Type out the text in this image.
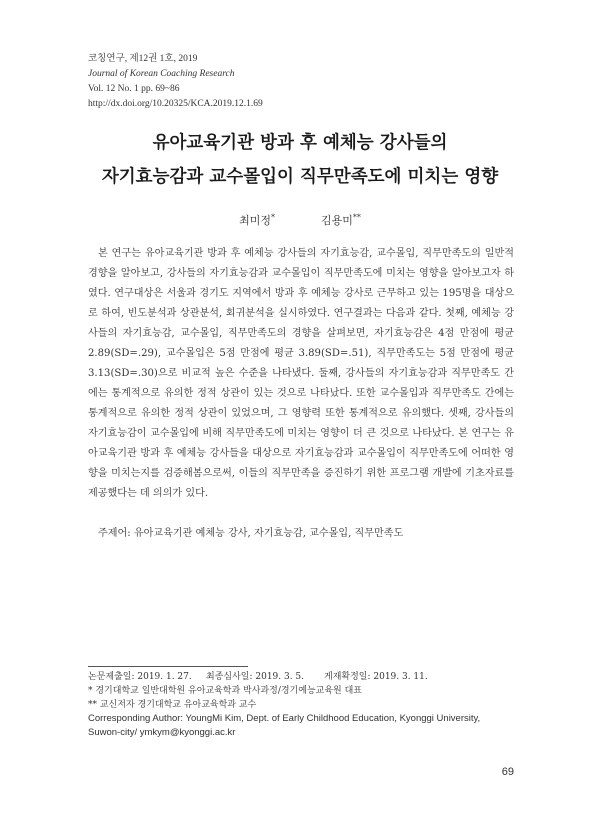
코칭연구, 제12권 1호, 2019
Journal of Korean Coaching Research
Vol. 12 No. 1 pp. 69~86
http://dx.doi.org/10.20325/KCA.2019.12.1.69
유아교육기관 방과 후 예체능 강사들의
자기효능감과 교수몰입이 직무만족도에 미치는 영향
최미정*	김용미**

본 연구는 유아교육기관 방과 후 예체능 강사들의 자기효능감, 교수몰입, 직무만족도의 일반적 경향을 알아보고, 강사들의 자기효능감과 교수몰입이 직무만족도에 미치는 영향을 알아보고자 하였다. 연구대상은 서울과 경기도 지역에서 방과 후 예체능 강사로 근무하고 있는 195명을 대상으로 하여, 빈도분석과 상관분석, 회귀분석을 실시하였다. 연구결과는 다음과 같다. 첫째, 예체능 강사들의 자기효능감, 교수몰입, 직무만족도의 경향을 살펴보면, 자기효능감은 4점 만점에 평균 2.89(SD=.29), 교수몰입은 5점 만점에 평균 3.89(SD=.51), 직무만족도는 5점 만점에 평균 3.13(SD=.30)으로 비교적 높은 수준을 나타냈다. 둘째, 강사들의 자기효능감과 직무만족도 간에는 통계적으로 유의한 정적 상관이 있는 것으로 나타났다. 또한 교수몰입과 직무만족도 간에는 통계적으로 유의한 정적 상관이 있었으며, 그 영향력 또한 통계적으로 유의했다. 셋째, 강사들의 자기효능감이 교수몰입에 비해 직무만족도에 미치는 영향이 더 큰 것으로 나타났다. 본 연구는 유아교육기관 방과 후 예체능 강사들을 대상으로 자기효능감과 교수몰입이 직무만족도에 어떠한 영향을 미치는지를 검증해봄으로써, 이들의 직무만족을 증진하기 위한 프로그램 개발에 기초자료를 제공했다는 데 의의가 있다.

주제어: 유아교육기관 예체능 강사, 자기효능감, 교수몰입, 직무만족도
논문제출일: 2019. 1. 27. 최종심사일: 2019. 3. 5. 게재확정일: 2019. 3. 11.
* 경기대학교 일반대학원 유아교육학과 박사과정/경기예능교육원 대표
** 교신저자 경기대학교 유아교육학과 교수
Corresponding Author: YoungMi Kim, Dept. of Early Childhood Education, Kyonggi University,
Suwon-city/ ymkym@kyonggi.ac.kr
69
